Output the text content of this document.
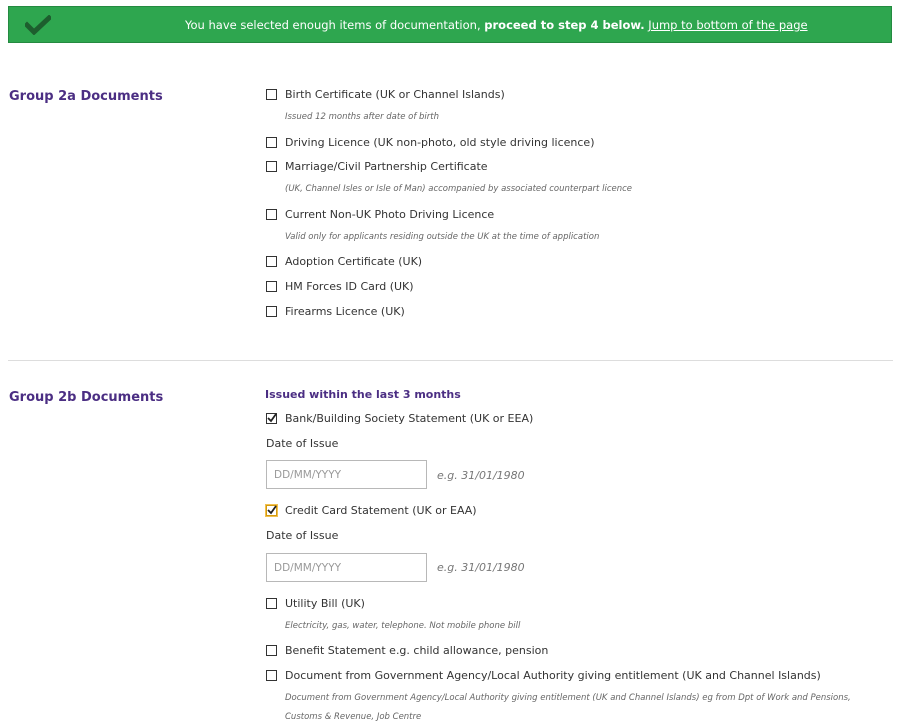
You have selected enough items of documentation, proceed to step 4 below. Jump to bottom of the page
Group 2a Documents	Birth Certificate (UK or Channel Islands)
Issued 12 months after date of birth
Driving Licence (UK non-photo, old style driving licence)
Marriage/Civil Partnership Certificate
(UK, Channel Isles or Isle of Man) accompanied by associated counterpart licence
Current Non-UK Photo Driving Licence
Valid only for applicants residing outside the UK at the time of application
Adoption Certificate (UK)
HM Forces ID Card (UK)
Firearms Licence (UK)
Group 2b Documents	Issued within the last 3 months
Bank/Building Society Statement (UK or EEA)
Date of Issue
DD/MM/YYYY
e.g. 31/01/1980
Credit Card Statement (UK or EAA)
Date of Issue
DD/MM/YYYY
e.g. 31/01/1980
Utility Bill (UK)
Electricity, gas, water, telephone. Not mobile phone bill
Benefit Statement e.g. child allowance, pension
Document from Government Agency/Local Authority giving entitlement (UK and Channel Islands)
Document from Government Agency/Local Authority giving entitlement (UK and Channel Islands) eg from Dpt of Work and Pensions,
Customs & Revenue, Job Centre
